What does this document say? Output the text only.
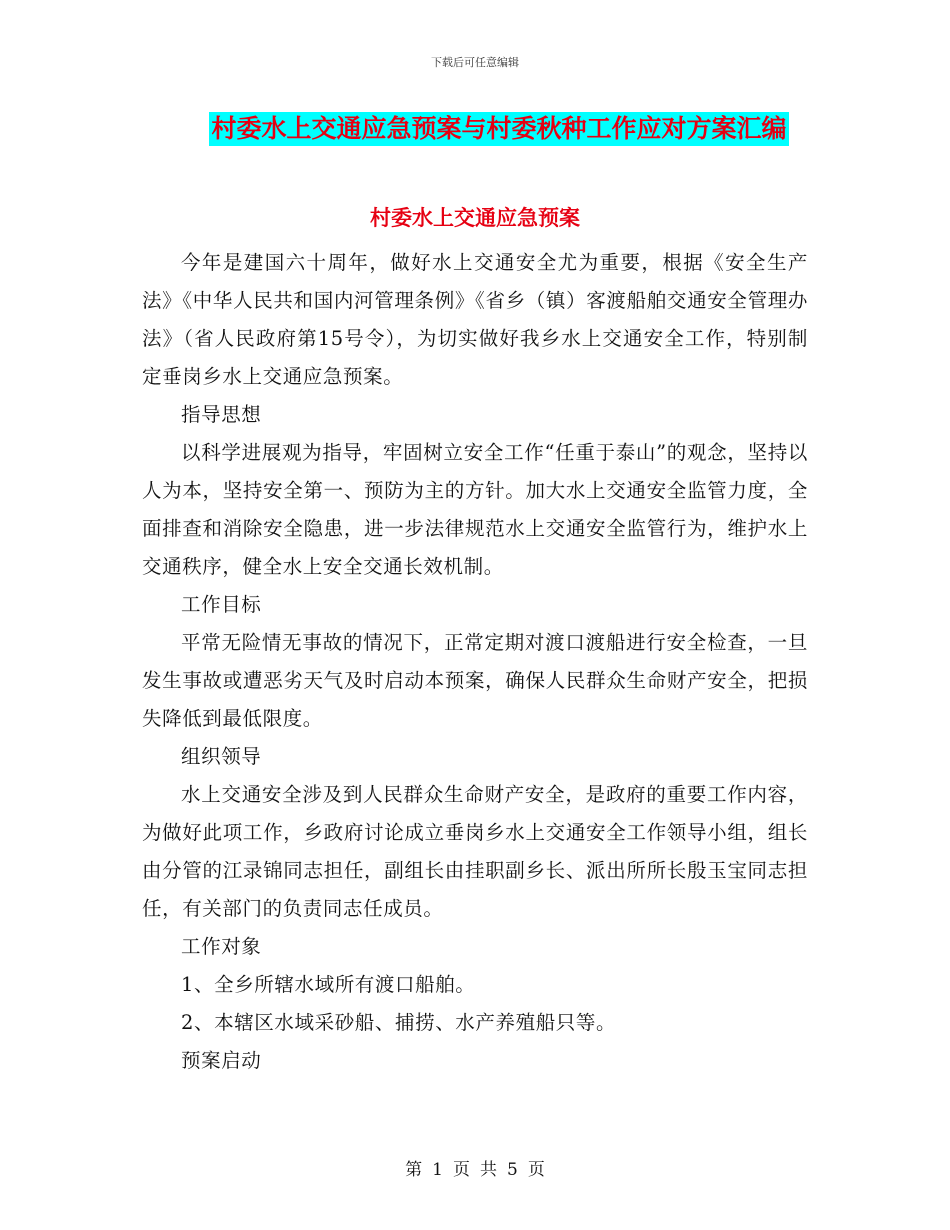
下载后可任意编辑
村委水上交通应急预案与村委秋种工作应对方案汇编
村委水上交通应急预案

今年是建国六十周年，做好水上交通安全尤为重要，根据《安全生产法》《中华人民共和国内河管理条例》《省乡（镇）客渡船舶交通安全管理办法》（省人民政府第15号令），为切实做好我乡水上交通安全工作，特别制定垂岗乡水上交通应急预案。

指导思想

以科学进展观为指导，牢固树立安全工作“任重于泰山”的观念，坚持以人为本，坚持安全第一、预防为主的方针。加大水上交通安全监管力度，全面排查和消除安全隐患，进一步法律规范水上交通安全监管行为，维护水上交通秩序，健全水上安全交通长效机制。

工作目标

平常无险情无事故的情况下，正常定期对渡口渡船进行安全检查，一旦发生事故或遭恶劣天气及时启动本预案，确保人民群众生命财产安全，把损失降低到最低限度。

组织领导

水上交通安全涉及到人民群众生命财产安全，是政府的重要工作内容，为做好此项工作，乡政府讨论成立垂岗乡水上交通安全工作领导小组，组长由分管的江录锦同志担任，副组长由挂职副乡长、派出所所长殷玉宝同志担任，有关部门的负责同志任成员。

工作对象

1、全乡所辖水域所有渡口船舶。

2、本辖区水域采砂船、捕捞、水产养殖船只等。

预案启动

第 1 页 共 5 页
